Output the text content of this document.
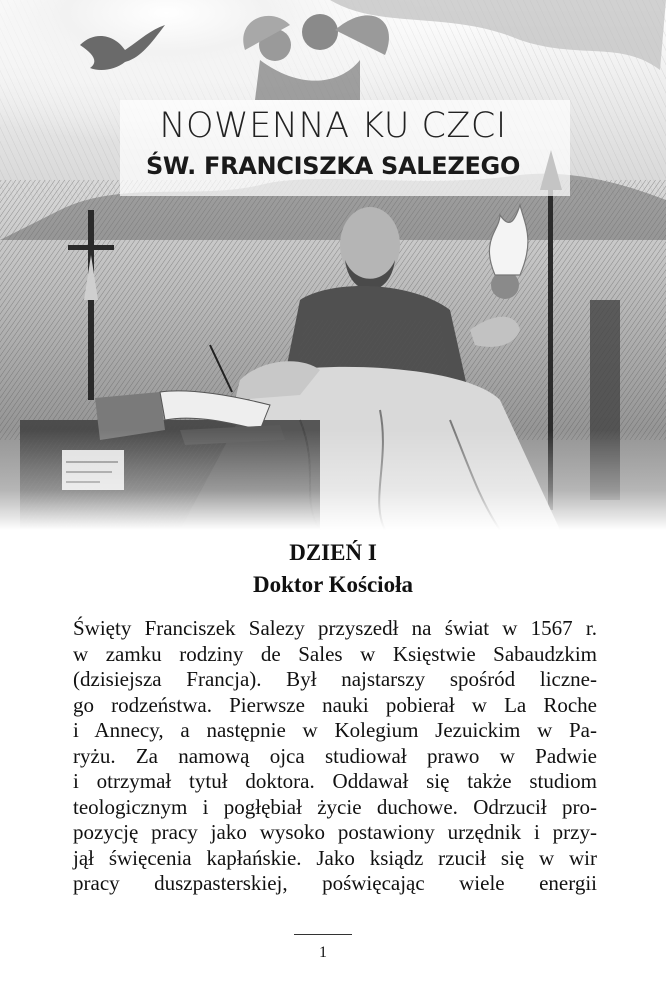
NOWENNA KU CZCI
ŚW. FRANCISZKA SALEZEGO
DZIEŃ I
Doktor Kościoła
Święty Franciszek Salezy przyszedł na świat w 1567 r.
w zamku rodziny de Sales w Księstwie Sabaudzkim
(dzisiejsza Francja). Był najstarszy spośród liczne-
go rodzeństwa. Pierwsze nauki pobierał w La Roche
i Annecy, a następnie w Kolegium Jezuickim w Pa-
ryżu. Za namową ojca studiował prawo w Padwie
i otrzymał tytuł doktora. Oddawał się także studiom
teologicznym i pogłębiał życie duchowe. Odrzucił pro-
pozycję pracy jako wysoko postawiony urzędnik i przy-
jął święcenia kapłańskie. Jako ksiądz rzucił się w wir
pracy duszpasterskiej, poświęcając wiele energii
1
